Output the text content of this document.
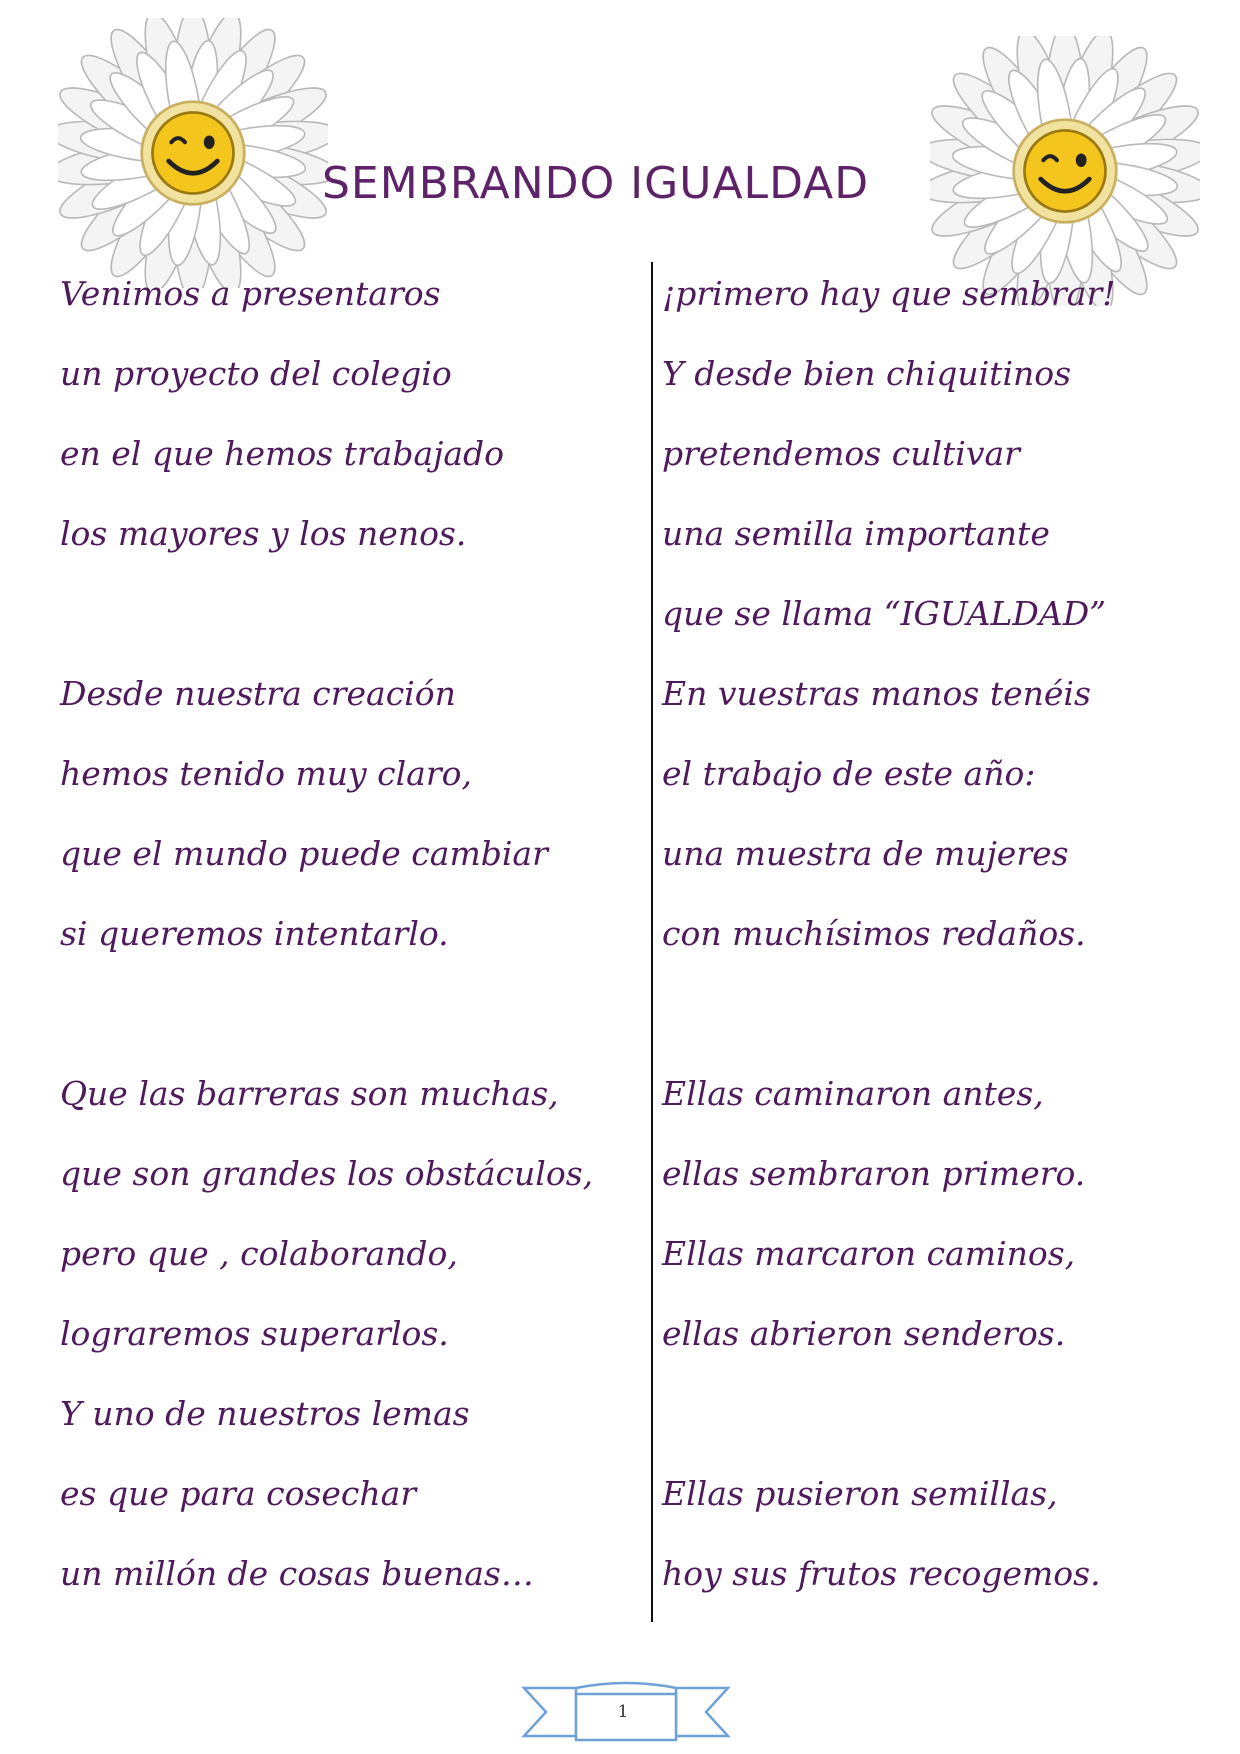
SEMBRANDO IGUALDAD
Venimos a presentaros
un proyecto del colegio
en el que hemos trabajado
los mayores y los nenos.
Desde nuestra creación
hemos tenido muy claro,
que el mundo puede cambiar
si queremos intentarlo.
Que las barreras son muchas,
que son grandes los obstáculos,
pero que , colaborando,
lograremos superarlos.
Y uno de nuestros lemas
es que para cosechar
un millón de cosas buenas…
¡primero hay que sembrar!
Y desde bien chiquitinos
pretendemos cultivar
una semilla importante
que se llama “IGUALDAD”
En vuestras manos tenéis
el trabajo de este año:
una muestra de mujeres
con muchísimos redaños.
Ellas caminaron antes,
ellas sembraron primero.
Ellas marcaron caminos,
ellas abrieron senderos.
Ellas pusieron semillas,
hoy sus frutos recogemos.
1
